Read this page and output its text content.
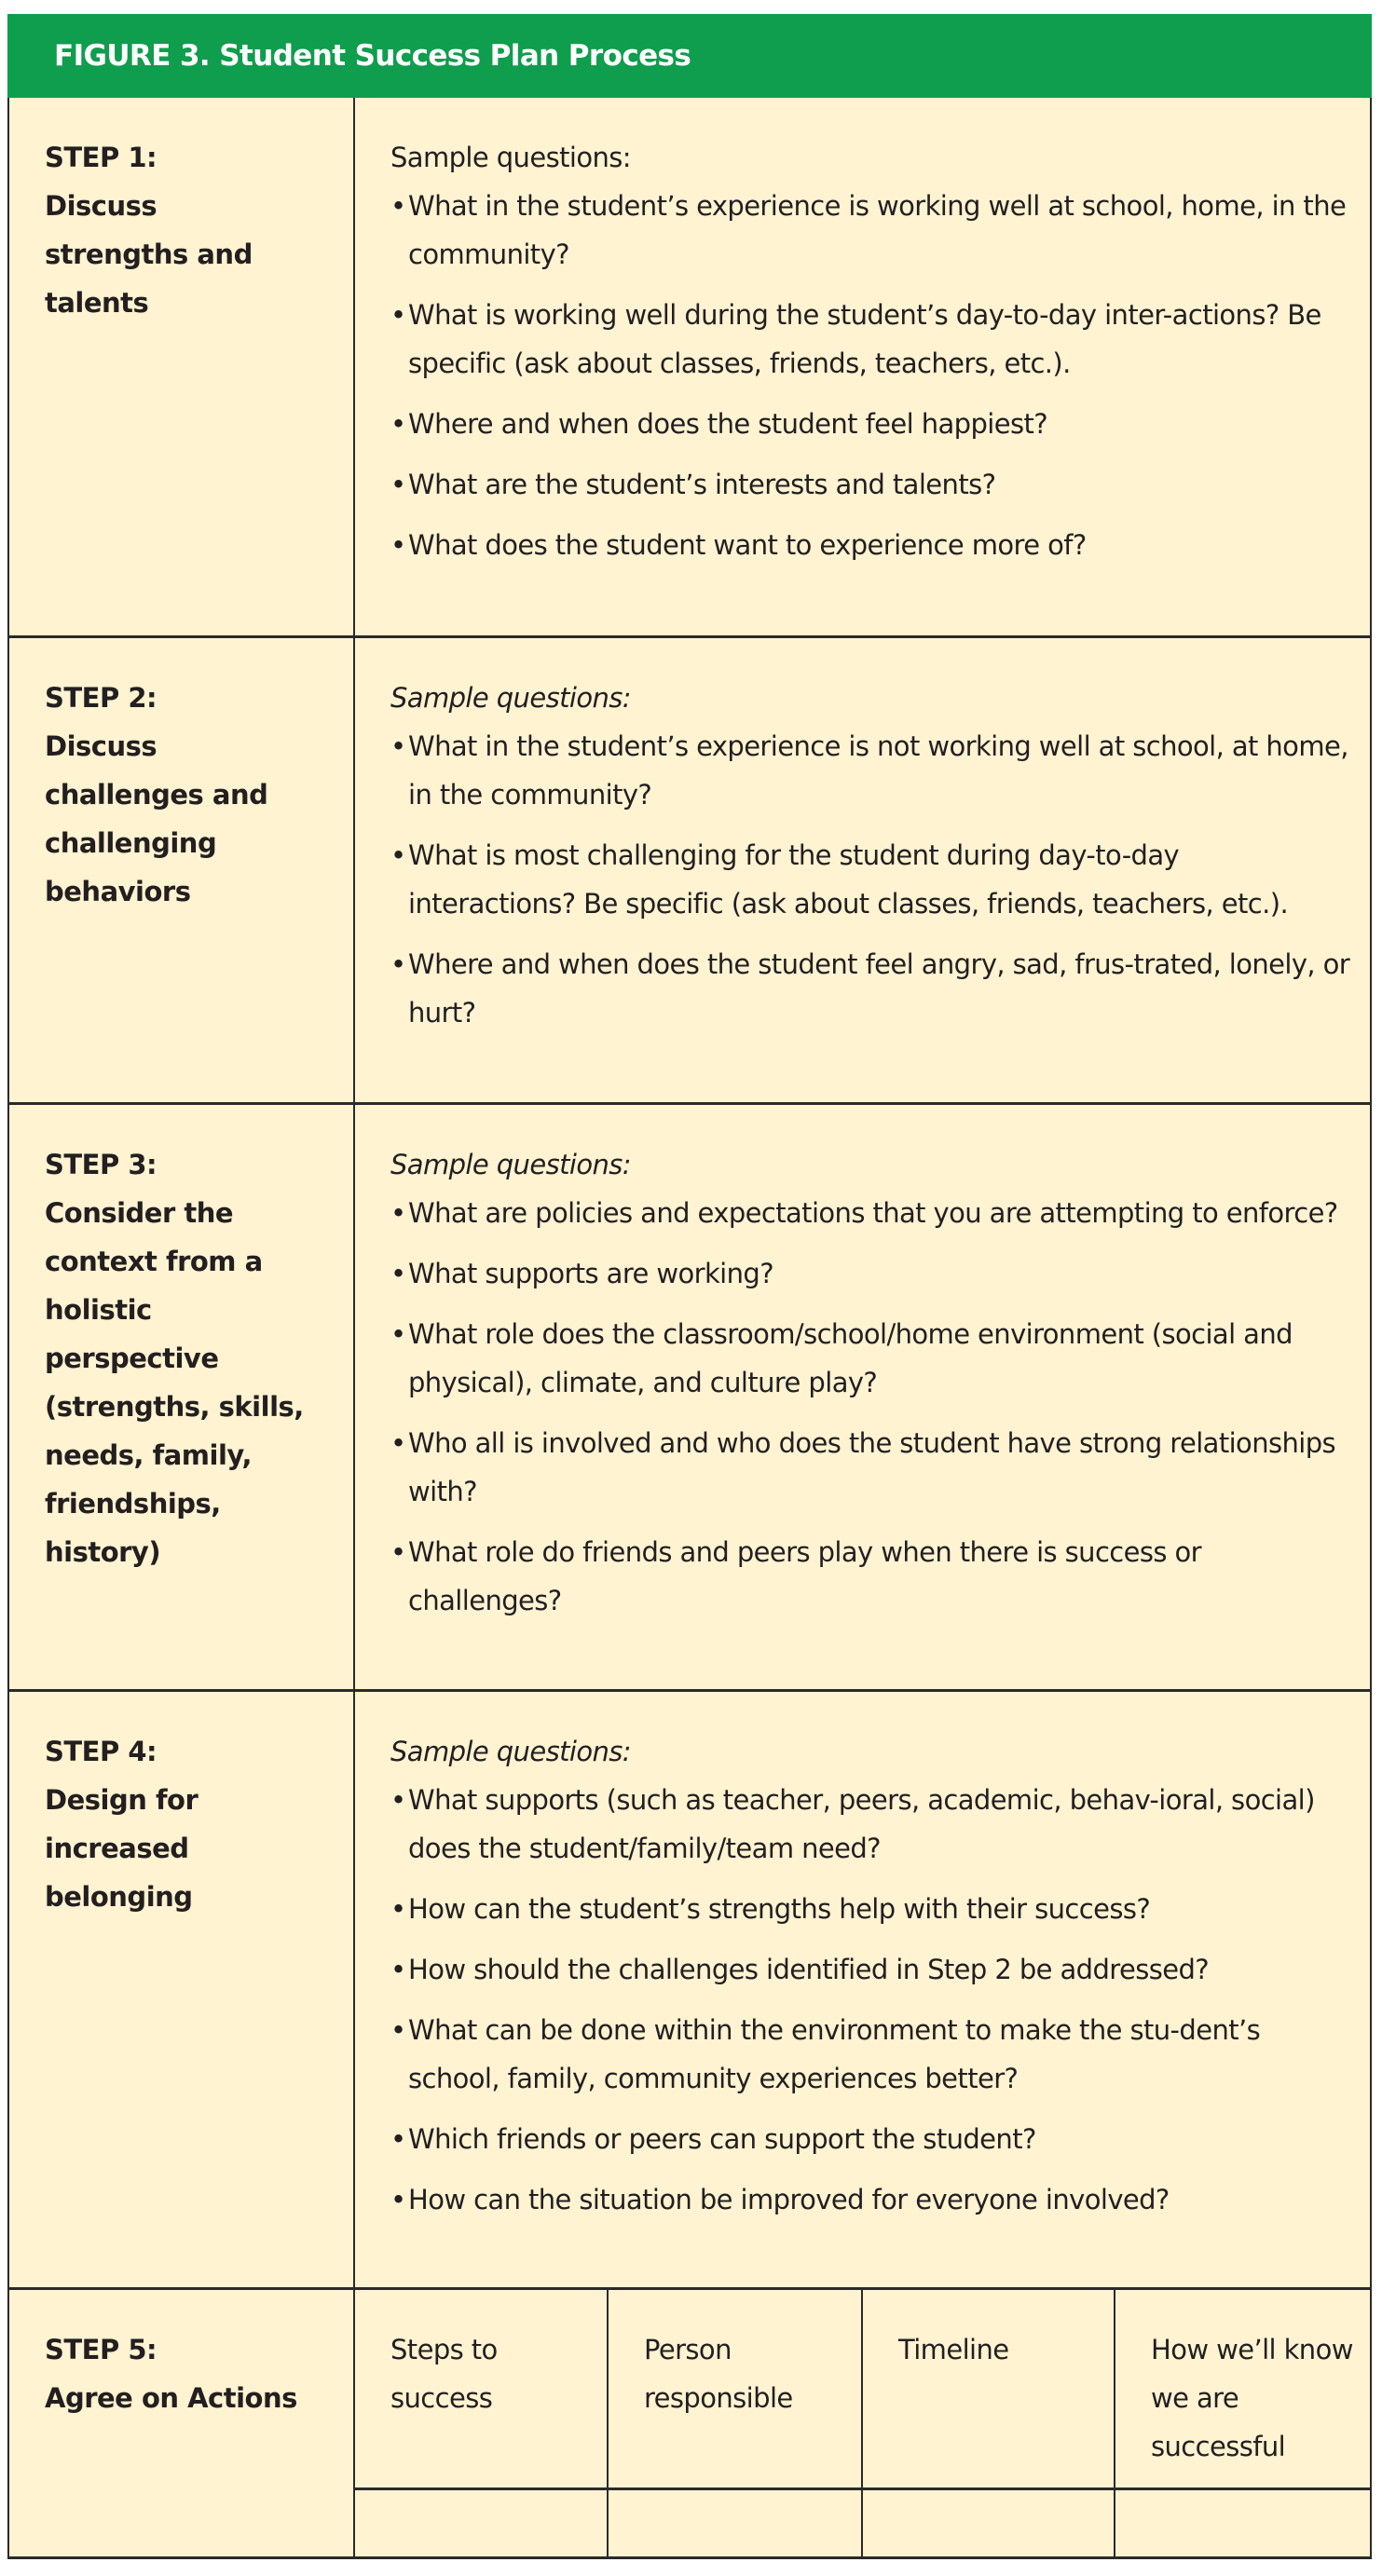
FIGURE 3. Student Success Plan Process
STEP 1:
Discuss strengths and talents
Sample questions:
• What in the student’s experience is working well at school, home, in the community?
• What is working well during the student’s day-to-day inter-actions? Be specific (ask about classes, friends, teachers, etc.).
• Where and when does the student feel happiest?
• What are the student’s interests and talents?
• What does the student want to experience more of?
STEP 2:
Discuss challenges and challenging behaviors
Sample questions:
• What in the student’s experience is not working well at school, at home, in the community?
• What is most challenging for the student during day-to-day interactions? Be specific (ask about classes, friends, teachers, etc.).
• Where and when does the student feel angry, sad, frus-trated, lonely, or hurt?
STEP 3:
Consider the context from a holistic perspective (strengths, skills, needs, family, friendships, history)
Sample questions:
• What are policies and expectations that you are attempting to enforce?
• What supports are working?
• What role does the classroom/school/home environment (social and physical), climate, and culture play?
• Who all is involved and who does the student have strong relationships with?
• What role do friends and peers play when there is success or challenges?
STEP 4:
Design for increased belonging
Sample questions:
• What supports (such as teacher, peers, academic, behav-ioral, social) does the student/family/team need?
• How can the student’s strengths help with their success?
• How should the challenges identified in Step 2 be addressed?
• What can be done within the environment to make the stu-dent’s school, family, community experiences better?
• Which friends or peers can support the student?
• How can the situation be improved for everyone involved?
STEP 5:
Agree on Actions
Steps to success
Person responsible
Timeline	How we’ll know we are successful
